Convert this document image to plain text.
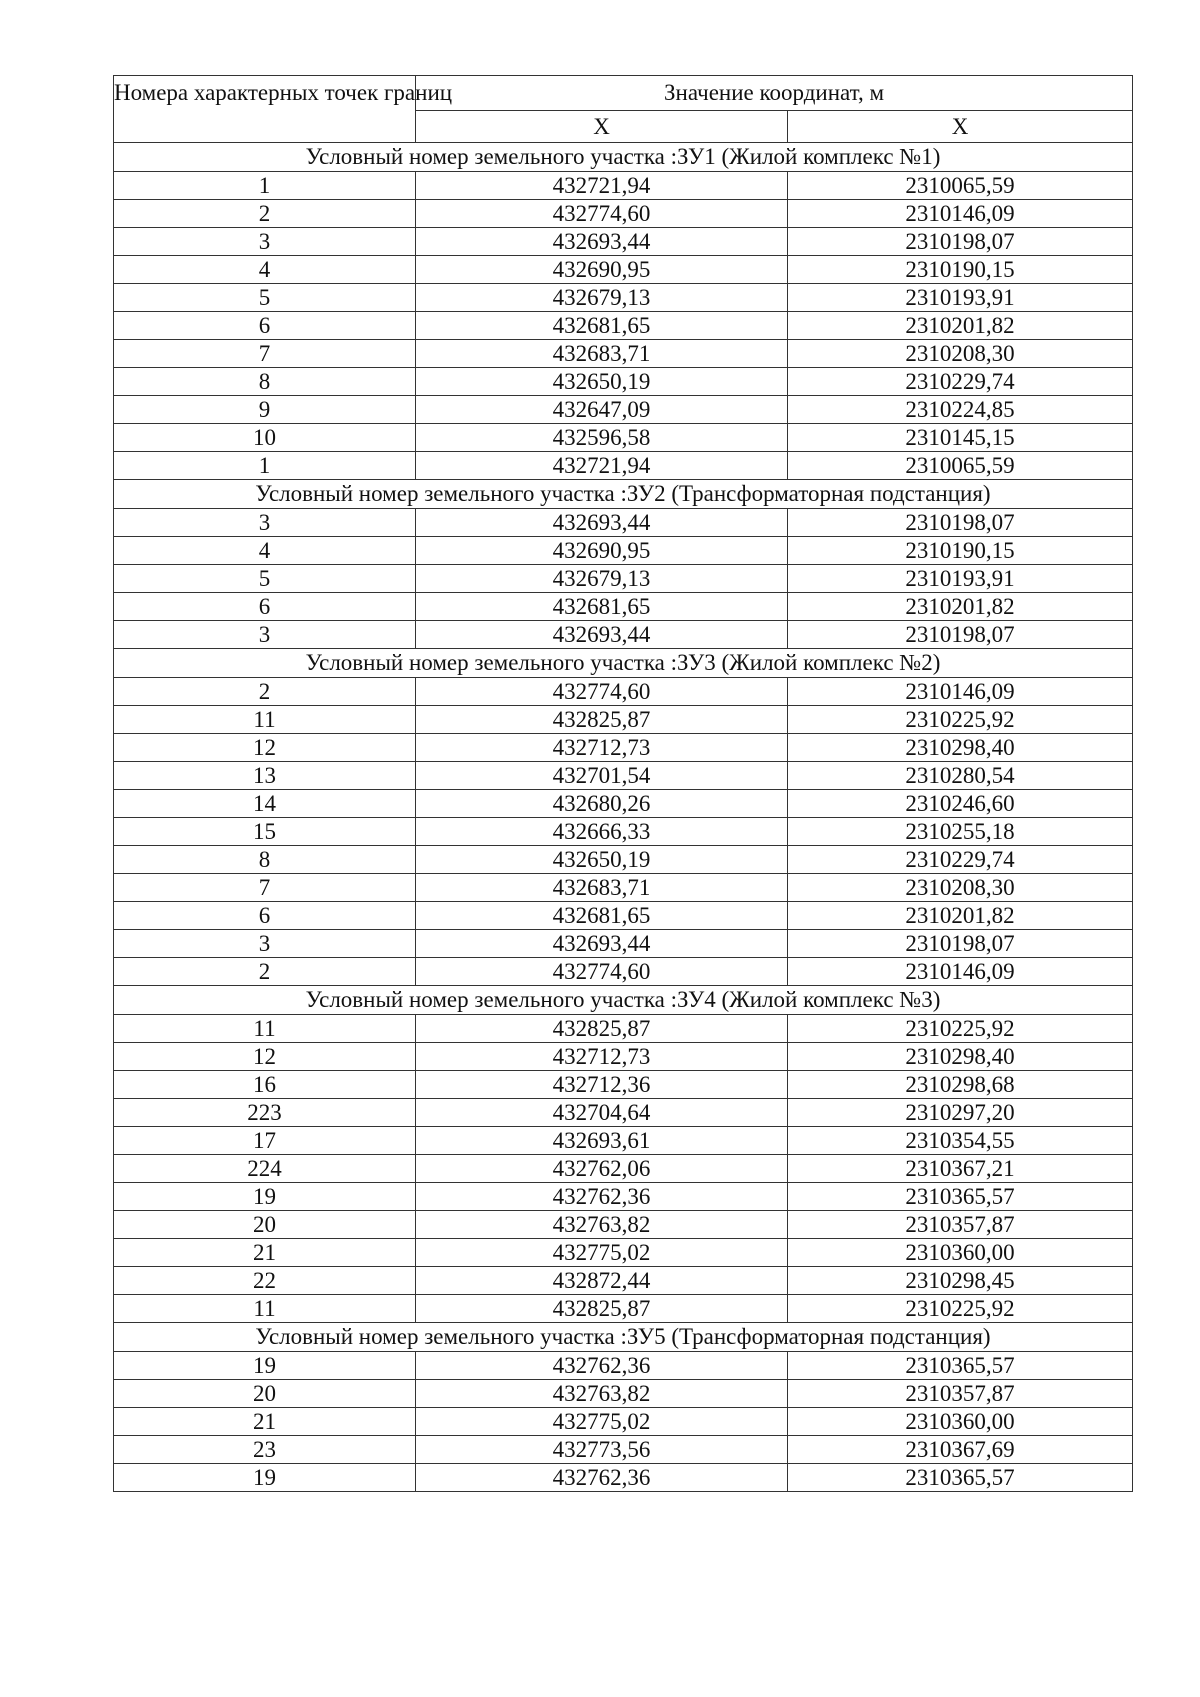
Номера характерных точек границ	Значение координат, м	
	X	X
Условный номер земельного участка :ЗУ1 (Жилой комплекс №1)		
1	432721,94	2310065,59
2	432774,60	2310146,09
3	432693,44	2310198,07
4	432690,95	2310190,15
5	432679,13	2310193,91
6	432681,65	2310201,82
7	432683,71	2310208,30
8	432650,19	2310229,74
9	432647,09	2310224,85
10	432596,58	2310145,15
1	432721,94	2310065,59
Условный номер земельного участка :ЗУ2 (Трансформаторная подстанция)		
3	432693,44	2310198,07
4	432690,95	2310190,15
5	432679,13	2310193,91
6	432681,65	2310201,82
3	432693,44	2310198,07
Условный номер земельного участка :ЗУ3 (Жилой комплекс №2)		
2	432774,60	2310146,09
11	432825,87	2310225,92
12	432712,73	2310298,40
13	432701,54	2310280,54
14	432680,26	2310246,60
15	432666,33	2310255,18
8	432650,19	2310229,74
7	432683,71	2310208,30
6	432681,65	2310201,82
3	432693,44	2310198,07
2	432774,60	2310146,09
Условный номер земельного участка :ЗУ4 (Жилой комплекс №3)		
11	432825,87	2310225,92
12	432712,73	2310298,40
16	432712,36	2310298,68
223	432704,64	2310297,20
17	432693,61	2310354,55
224	432762,06	2310367,21
19	432762,36	2310365,57
20	432763,82	2310357,87
21	432775,02	2310360,00
22	432872,44	2310298,45
11	432825,87	2310225,92
Условный номер земельного участка :ЗУ5 (Трансформаторная подстанция)		
19	432762,36	2310365,57
20	432763,82	2310357,87
21	432775,02	2310360,00
23	432773,56	2310367,69
19	432762,36	2310365,57
